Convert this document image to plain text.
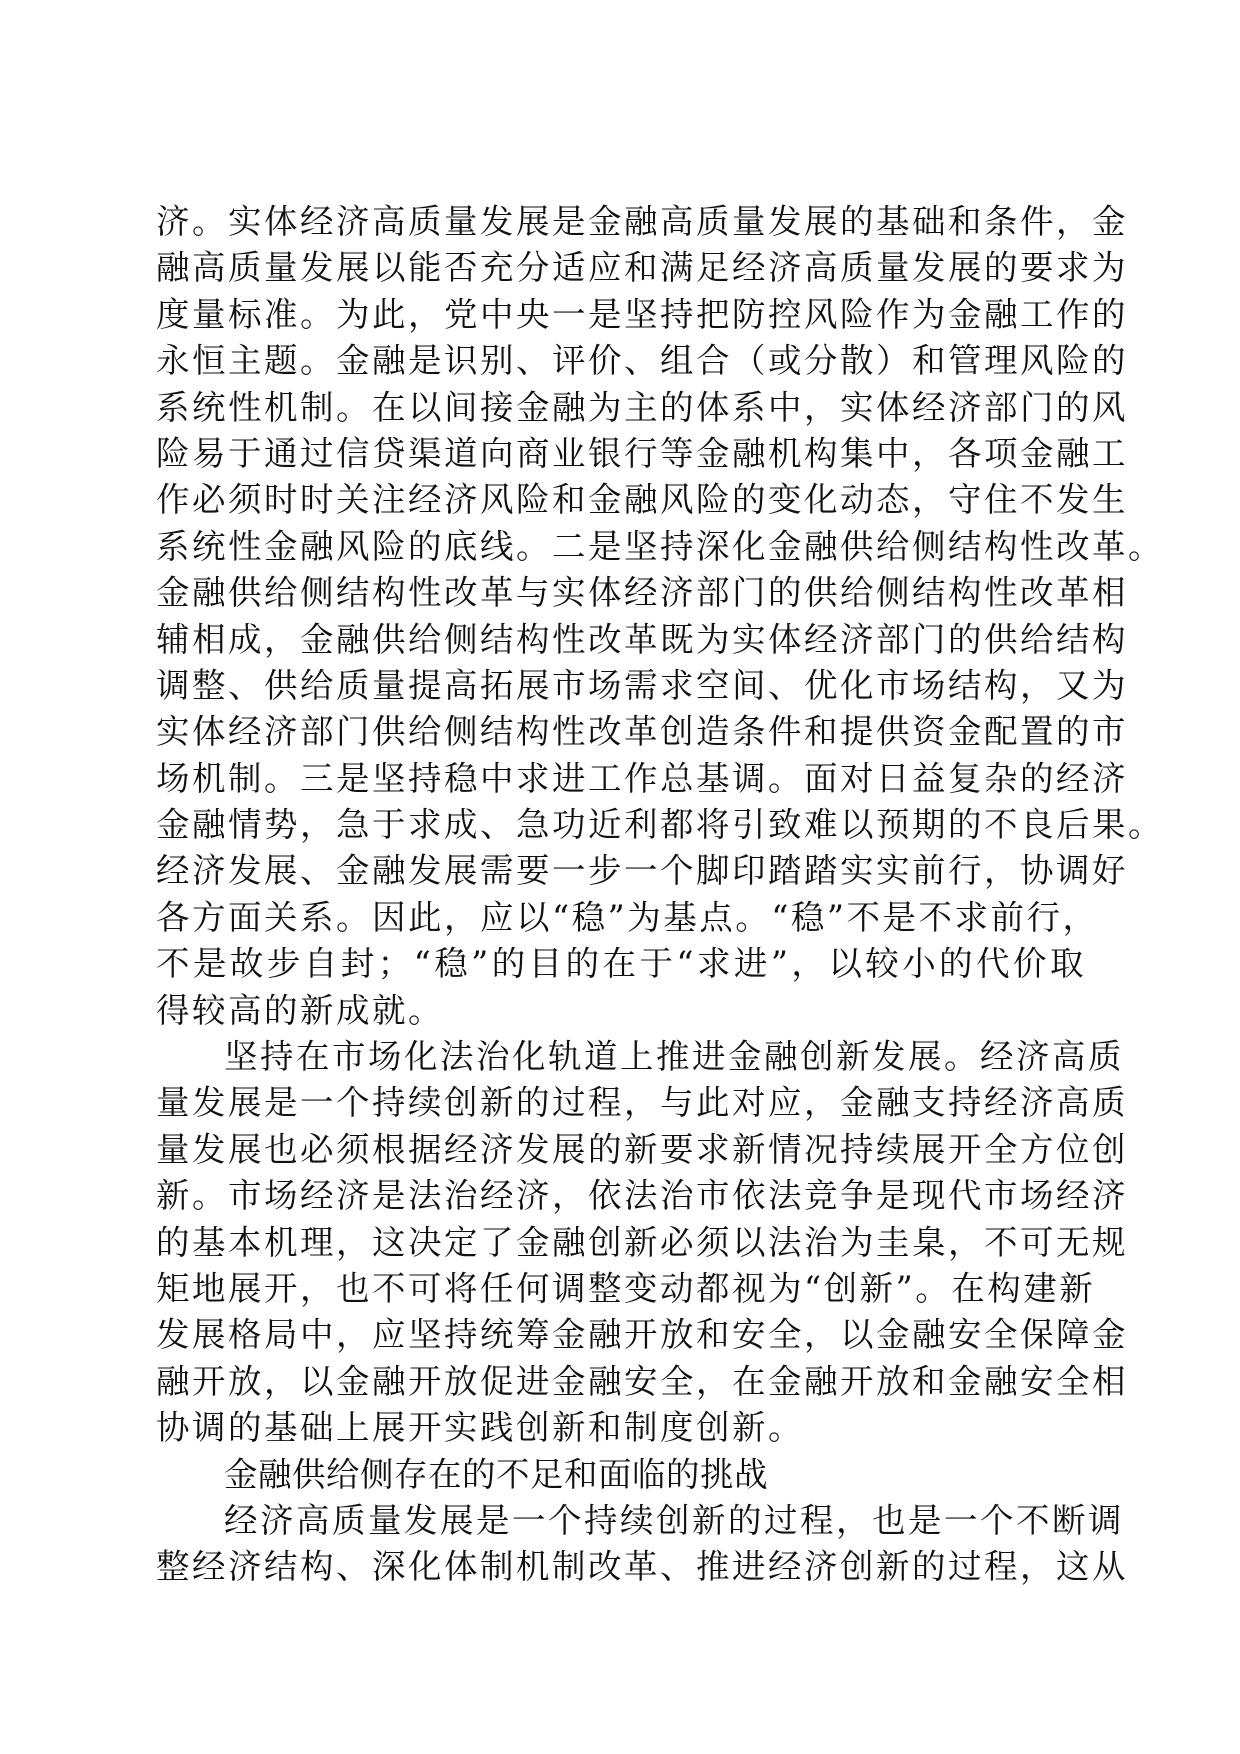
济。实体经济高质量发展是金融高质量发展的基础和条件，金
融高质量发展以能否充分适应和满足经济高质量发展的要求为
度量标准。为此，党中央一是坚持把防控风险作为金融工作的
永恒主题。金融是识别、评价、组合（或分散）和管理风险的
系统性机制。在以间接金融为主的体系中，实体经济部门的风
险易于通过信贷渠道向商业银行等金融机构集中，各项金融工
作必须时时关注经济风险和金融风险的变化动态，守住不发生
系统性金融风险的底线。二是坚持深化金融供给侧结构性改革。
金融供给侧结构性改革与实体经济部门的供给侧结构性改革相
辅相成，金融供给侧结构性改革既为实体经济部门的供给结构
调整、供给质量提高拓展市场需求空间、优化市场结构，又为
实体经济部门供给侧结构性改革创造条件和提供资金配置的市
场机制。三是坚持稳中求进工作总基调。面对日益复杂的经济
金融情势，急于求成、急功近利都将引致难以预期的不良后果。
经济发展、金融发展需要一步一个脚印踏踏实实前行，协调好
各方面关系。因此，应以“稳”为基点。“稳”不是不求前行，
不是故步自封；“稳”的目的在于“求进”，以较小的代价取
得较高的新成就。
坚持在市场化法治化轨道上推进金融创新发展。经济高质
量发展是一个持续创新的过程，与此对应，金融支持经济高质
量发展也必须根据经济发展的新要求新情况持续展开全方位创
新。市场经济是法治经济，依法治市依法竞争是现代市场经济
的基本机理，这决定了金融创新必须以法治为圭臬，不可无规
矩地展开，也不可将任何调整变动都视为“创新”。在构建新
发展格局中，应坚持统筹金融开放和安全，以金融安全保障金
融开放，以金融开放促进金融安全，在金融开放和金融安全相
协调的基础上展开实践创新和制度创新。
金融供给侧存在的不足和面临的挑战
经济高质量发展是一个持续创新的过程，也是一个不断调
整经济结构、深化体制机制改革、推进经济创新的过程，这从
